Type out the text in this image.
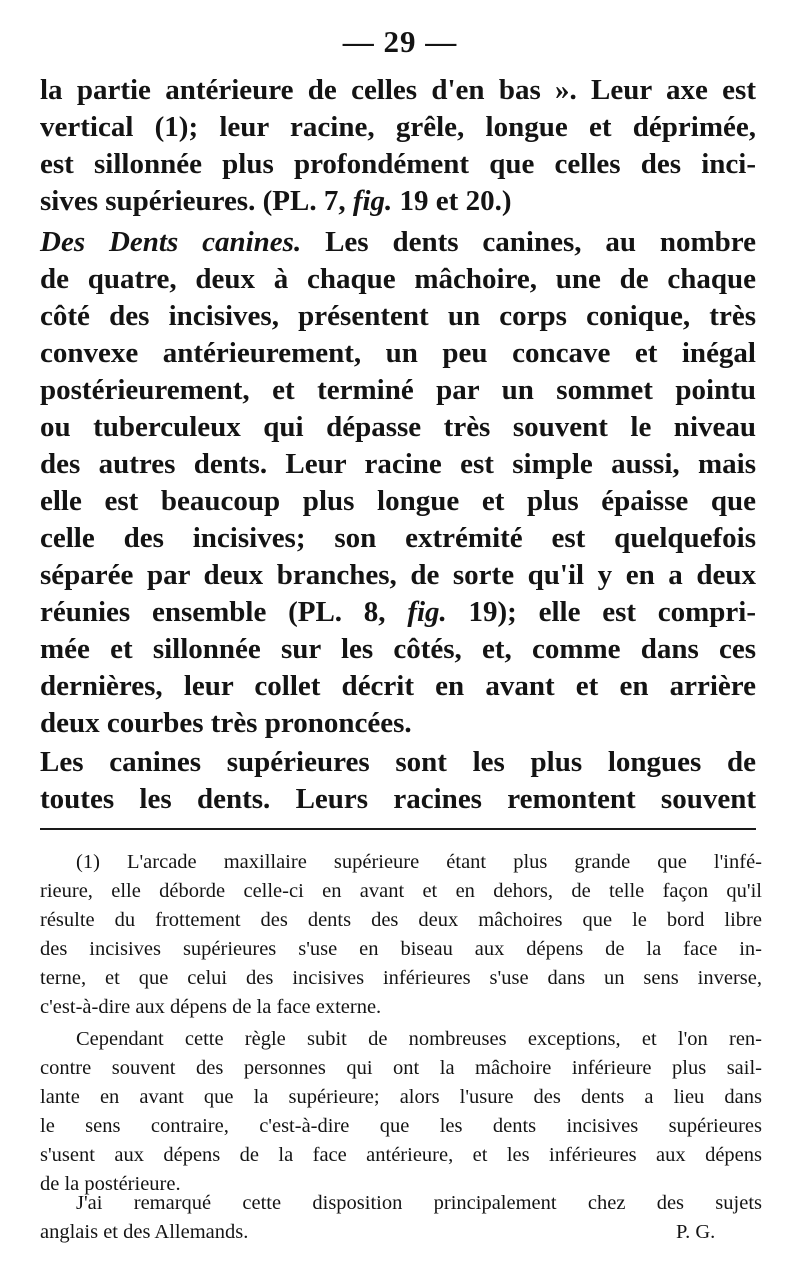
— 29 —
la partie antérieure de celles d'en bas ». Leur axe est
vertical (1); leur racine, grêle, longue et déprimée,
est sillonnée plus profondément que celles des inci-
sives supérieures. (PL. 7, fig. 19 et 20.)
Des Dents canines. Les dents canines, au nombre
de quatre, deux à chaque mâchoire, une de chaque
côté des incisives, présentent un corps conique, très
convexe antérieurement, un peu concave et inégal
postérieurement, et terminé par un sommet pointu
ou tuberculeux qui dépasse très souvent le niveau
des autres dents. Leur racine est simple aussi, mais
elle est beaucoup plus longue et plus épaisse que
celle des incisives; son extrémité est quelquefois
séparée par deux branches, de sorte qu'il y en a deux
réunies ensemble (PL. 8, fig. 19); elle est compri-
mée et sillonnée sur les côtés, et, comme dans ces
dernières, leur collet décrit en avant et en arrière
deux courbes très prononcées.
Les canines supérieures sont les plus longues de
toutes les dents. Leurs racines remontent souvent
(1) L'arcade maxillaire supérieure étant plus grande que l'infé-
rieure, elle déborde celle-ci en avant et en dehors, de telle façon qu'il
résulte du frottement des dents des deux mâchoires que le bord libre
des incisives supérieures s'use en biseau aux dépens de la face in-
terne, et que celui des incisives inférieures s'use dans un sens inverse,
c'est-à-dire aux dépens de la face externe.
Cependant cette règle subit de nombreuses exceptions, et l'on ren-
contre souvent des personnes qui ont la mâchoire inférieure plus sail-
lante en avant que la supérieure; alors l'usure des dents a lieu dans
le sens contraire, c'est-à-dire que les dents incisives supérieures
s'usent aux dépens de la face antérieure, et les inférieures aux dépens
de la postérieure.
J'ai remarqué cette disposition principalement chez des sujets
anglais et des Allemands.	P. G.
